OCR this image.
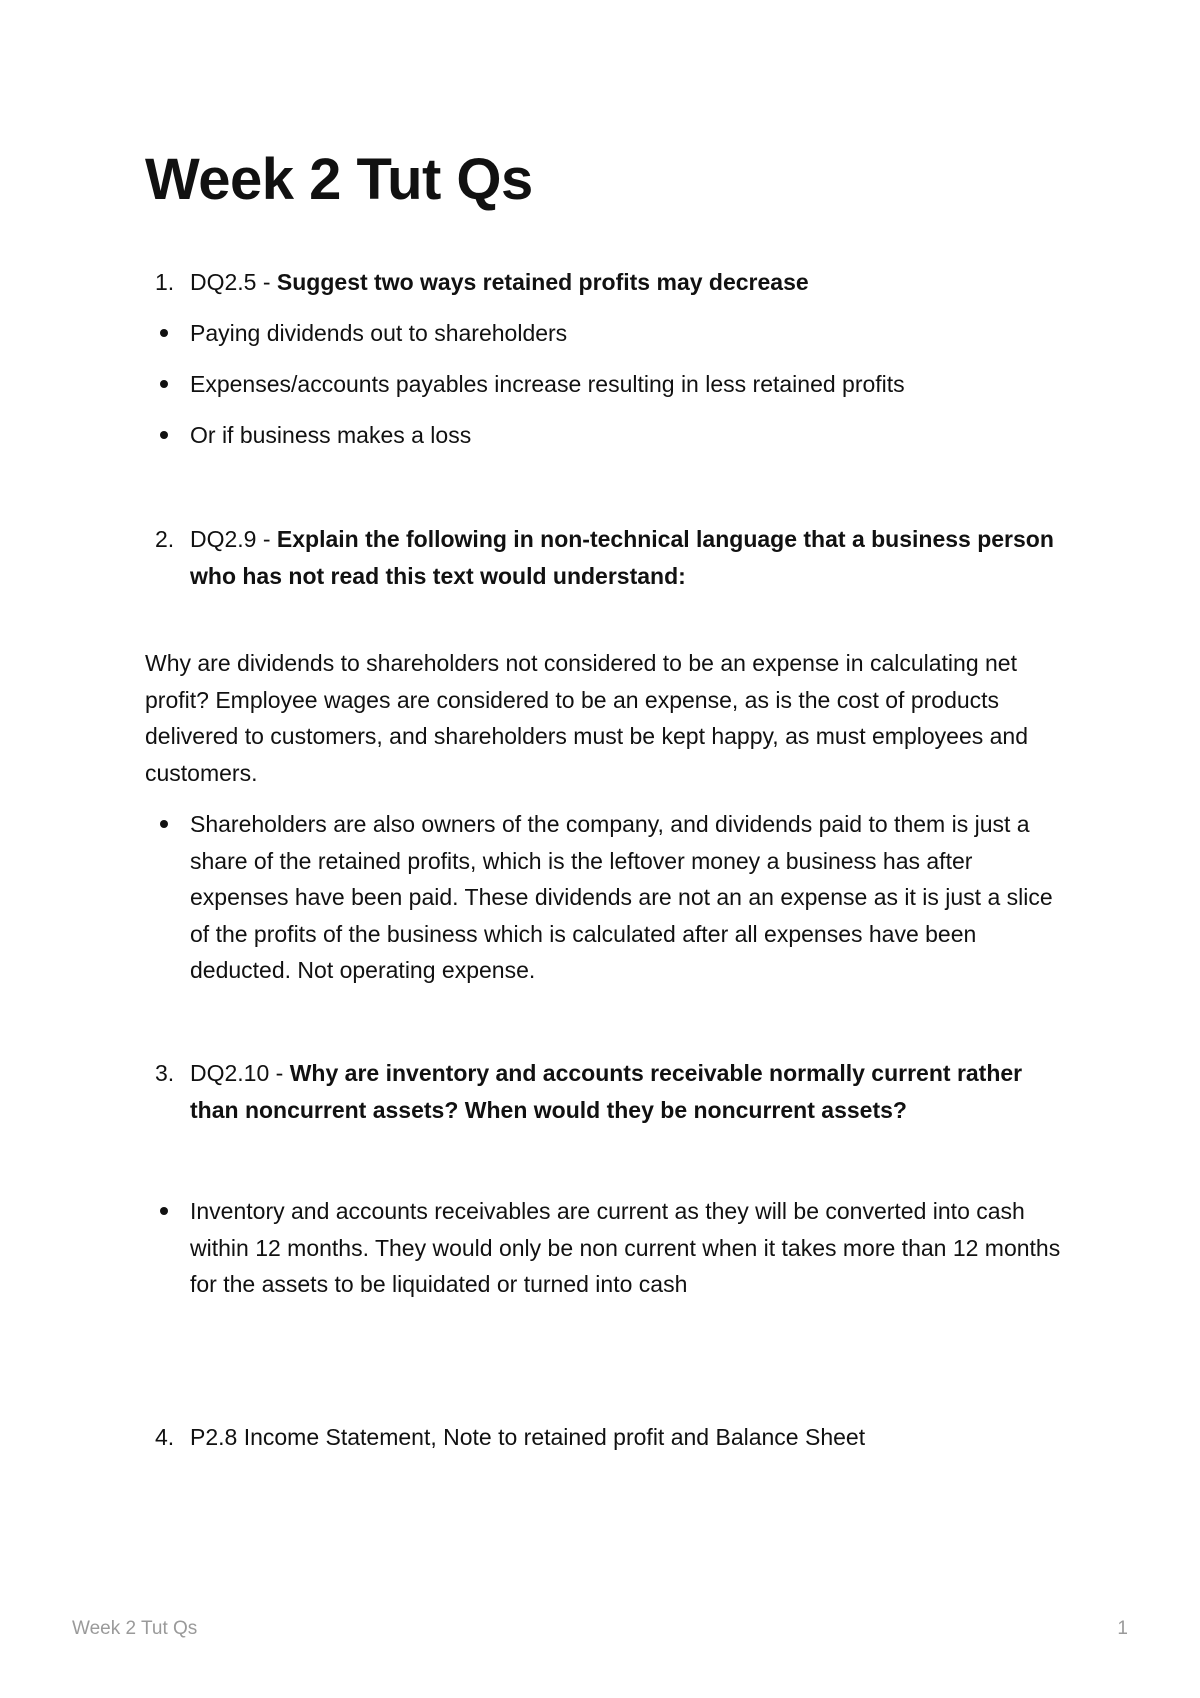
Week 2 Tut Qs
1. DQ2.5 - Suggest two ways retained profits may decrease
Paying dividends out to shareholders
Expenses/accounts payables increase resulting in less retained profits
Or if business makes a loss
2. DQ2.9 - Explain the following in non-technical language that a business person who has not read this text would understand:
Why are dividends to shareholders not considered to be an expense in calculating net profit? Employee wages are considered to be an expense, as is the cost of products delivered to customers, and shareholders must be kept happy, as must employees and customers.
Shareholders are also owners of the company, and dividends paid to them is just a share of the retained profits, which is the leftover money a business has after expenses have been paid. These dividends are not an an expense as it is just a slice of the profits of the business which is calculated after all expenses have been deducted. Not operating expense.
3. DQ2.10 - Why are inventory and accounts receivable normally current rather than noncurrent assets? When would they be noncurrent assets?
Inventory and accounts receivables are current as they will be converted into cash within 12 months. They would only be non current when it takes more than 12 months for the assets to be liquidated or turned into cash
4. P2.8 Income Statement, Note to retained profit and Balance Sheet
Week 2 Tut Qs	1
